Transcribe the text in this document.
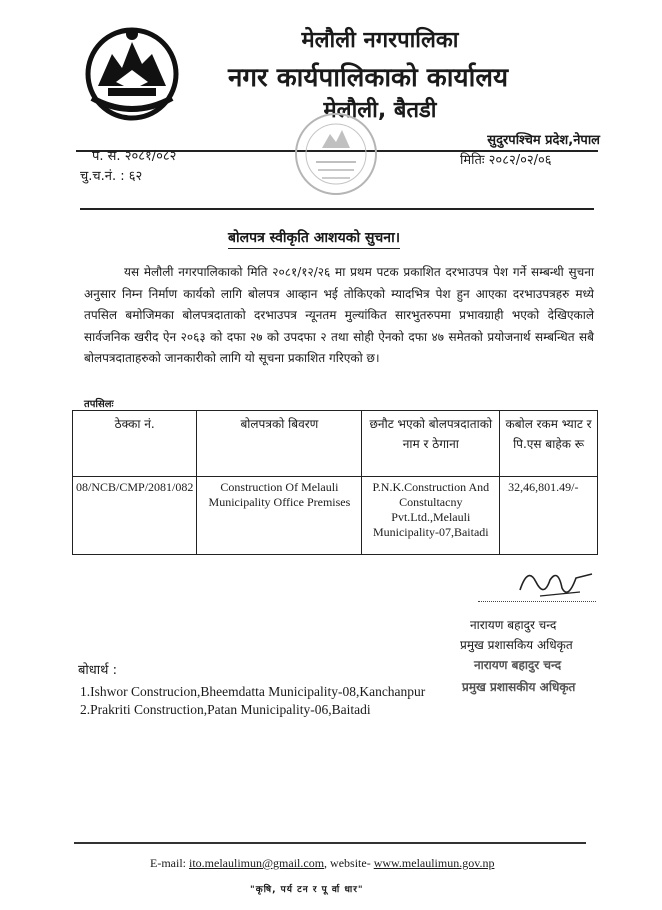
मेलौली नगरपालिका
नगर कार्यपालिकाको कार्यालय
मेलौली, बैतडी
सुदुरपश्चिम प्रदेश,नेपाल
प. स. २०८१/०८२
चु.च.नं. : ६२
मितिः २०८२/०२/०६
बोलपत्र स्वीकृति आशयको सुचना।
यस मेलौली नगरपालिकाको मिति २०८१/१२/२६ मा प्रथम पटक प्रकाशित दरभाउपत्र पेश गर्ने सम्बन्धी सुचना अनुसार निम्न निर्माण कार्यको लागि बोलपत्र आव्हान भई तोकिएको म्यादभित्र पेश हुन आएका दरभाउपत्रहरु मध्ये तपसिल बमोजिमका बोलपत्रदाताको दरभाउपत्र न्यूनतम मुल्यांकित सारभुतरुपमा प्रभावग्राही भएको देखिएकाले सार्वजनिक खरीद ऐन २०६३ को दफा २७ को उपदफा २ तथा सोही ऐनको दफा ४७ समेतको प्रयोजनार्थ सम्बन्धित सबै बोलपत्रदाताहरुको जानकारीको लागि यो सूचना प्रकाशित गरिएको छ।
तपसिलः
ठेक्का नं.	बोलपत्रको बिवरण	छनौट भएको बोलपत्रदाताको नाम र ठेगाना	कबोल रकम भ्याट र पि.एस बाहेक रू
08/NCB/CMP/2081/082	Construction Of Melauli Municipality Office Premises	P.N.K.Construction And Constultacny Pvt.Ltd.,Melauli Municipality-07,Baitadi	32,46,801.49/-
नारायण बहादुर चन्द
प्रमुख प्रशासकिय अधिकृत
नारायण बहादुर चन्द
प्रमुख प्रशासकीय अधिकृत
बोधार्थ :
1.Ishwor Construcion,Bheemdatta Municipality-08,Kanchanpur
2.Prakriti Construction,Patan Municipality-06,Baitadi
E-mail: ito.melaulimun@gmail.com, website- www.melaulimun.gov.np
"कृषि, पर्य टन र पू र्वा धार"
